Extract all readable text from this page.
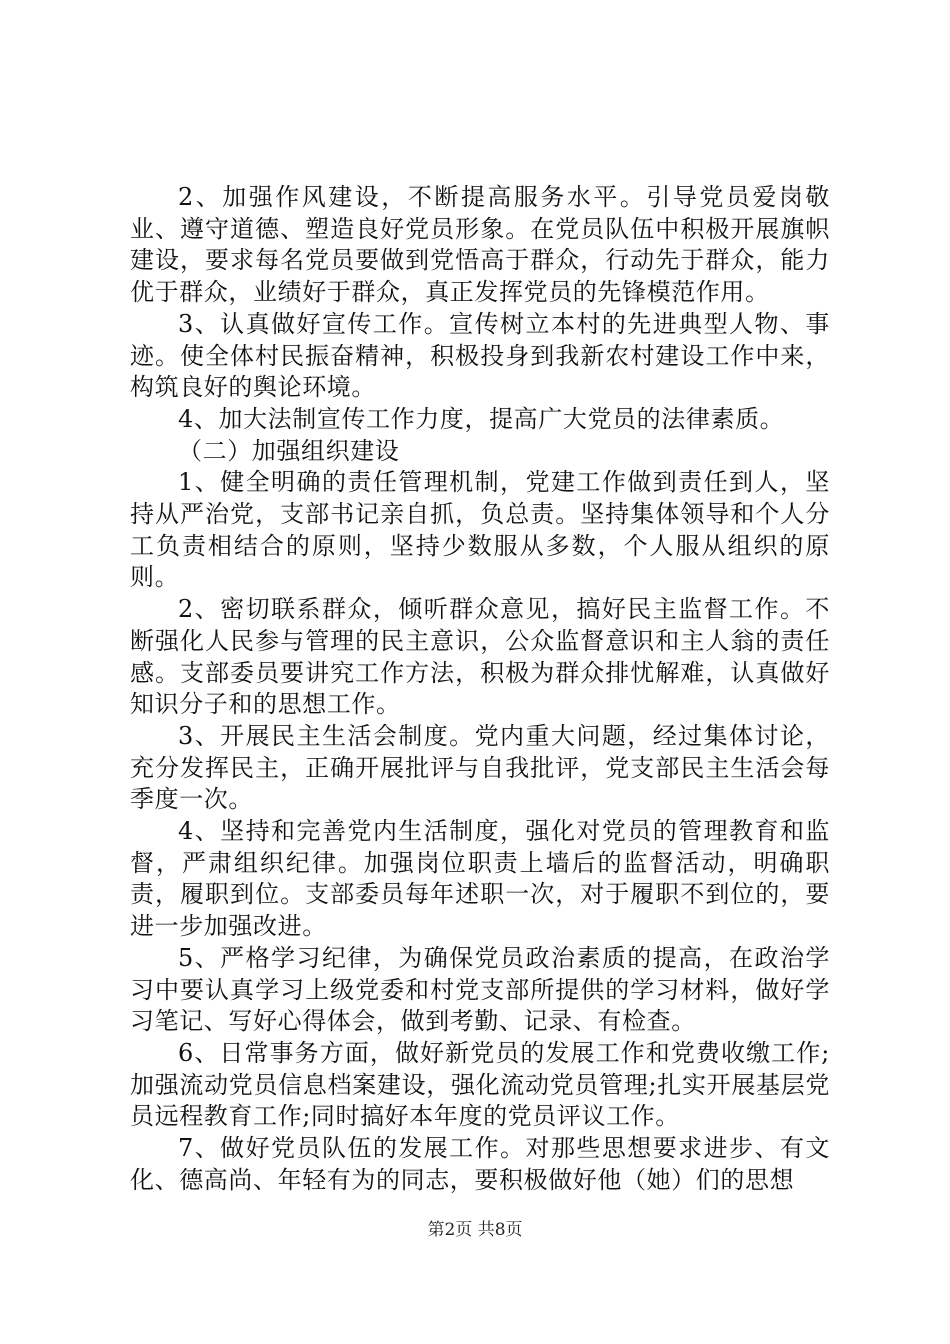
2、加强作风建设，不断提高服务水平。引导党员爱岗敬业、遵守道德、塑造良好党员形象。在党员队伍中积极开展旗帜建设，要求每名党员要做到党悟高于群众，行动先于群众，能力优于群众，业绩好于群众，真正发挥党员的先锋模范作用。

3、认真做好宣传工作。宣传树立本村的先进典型人物、事迹。使全体村民振奋精神，积极投身到我新农村建设工作中来，构筑良好的舆论环境。

4、加大法制宣传工作力度，提高广大党员的法律素质。

（二）加强组织建设

1、健全明确的责任管理机制，党建工作做到责任到人，坚持从严治党，支部书记亲自抓，负总责。坚持集体领导和个人分工负责相结合的原则，坚持少数服从多数，个人服从组织的原则。

2、密切联系群众，倾听群众意见，搞好民主监督工作。不断强化人民参与管理的民主意识，公众监督意识和主人翁的责任感。支部委员要讲究工作方法，积极为群众排忧解难，认真做好知识分子和的思想工作。

3、开展民主生活会制度。党内重大问题，经过集体讨论，充分发挥民主，正确开展批评与自我批评，党支部民主生活会每季度一次。

4、坚持和完善党内生活制度，强化对党员的管理教育和监督，严肃组织纪律。加强岗位职责上墙后的监督活动，明确职责，履职到位。支部委员每年述职一次，对于履职不到位的，要进一步加强改进。

5、严格学习纪律，为确保党员政治素质的提高，在政治学习中要认真学习上级党委和村党支部所提供的学习材料，做好学习笔记、写好心得体会，做到考勤、记录、有检查。

6、日常事务方面，做好新党员的发展工作和党费收缴工作;加强流动党员信息档案建设，强化流动党员管理;扎实开展基层党员远程教育工作;同时搞好本年度的党员评议工作。

7、做好党员队伍的发展工作。对那些思想要求进步、有文化、德高尚、年轻有为的同志，要积极做好他（她）们的思想

第2页 共8页
